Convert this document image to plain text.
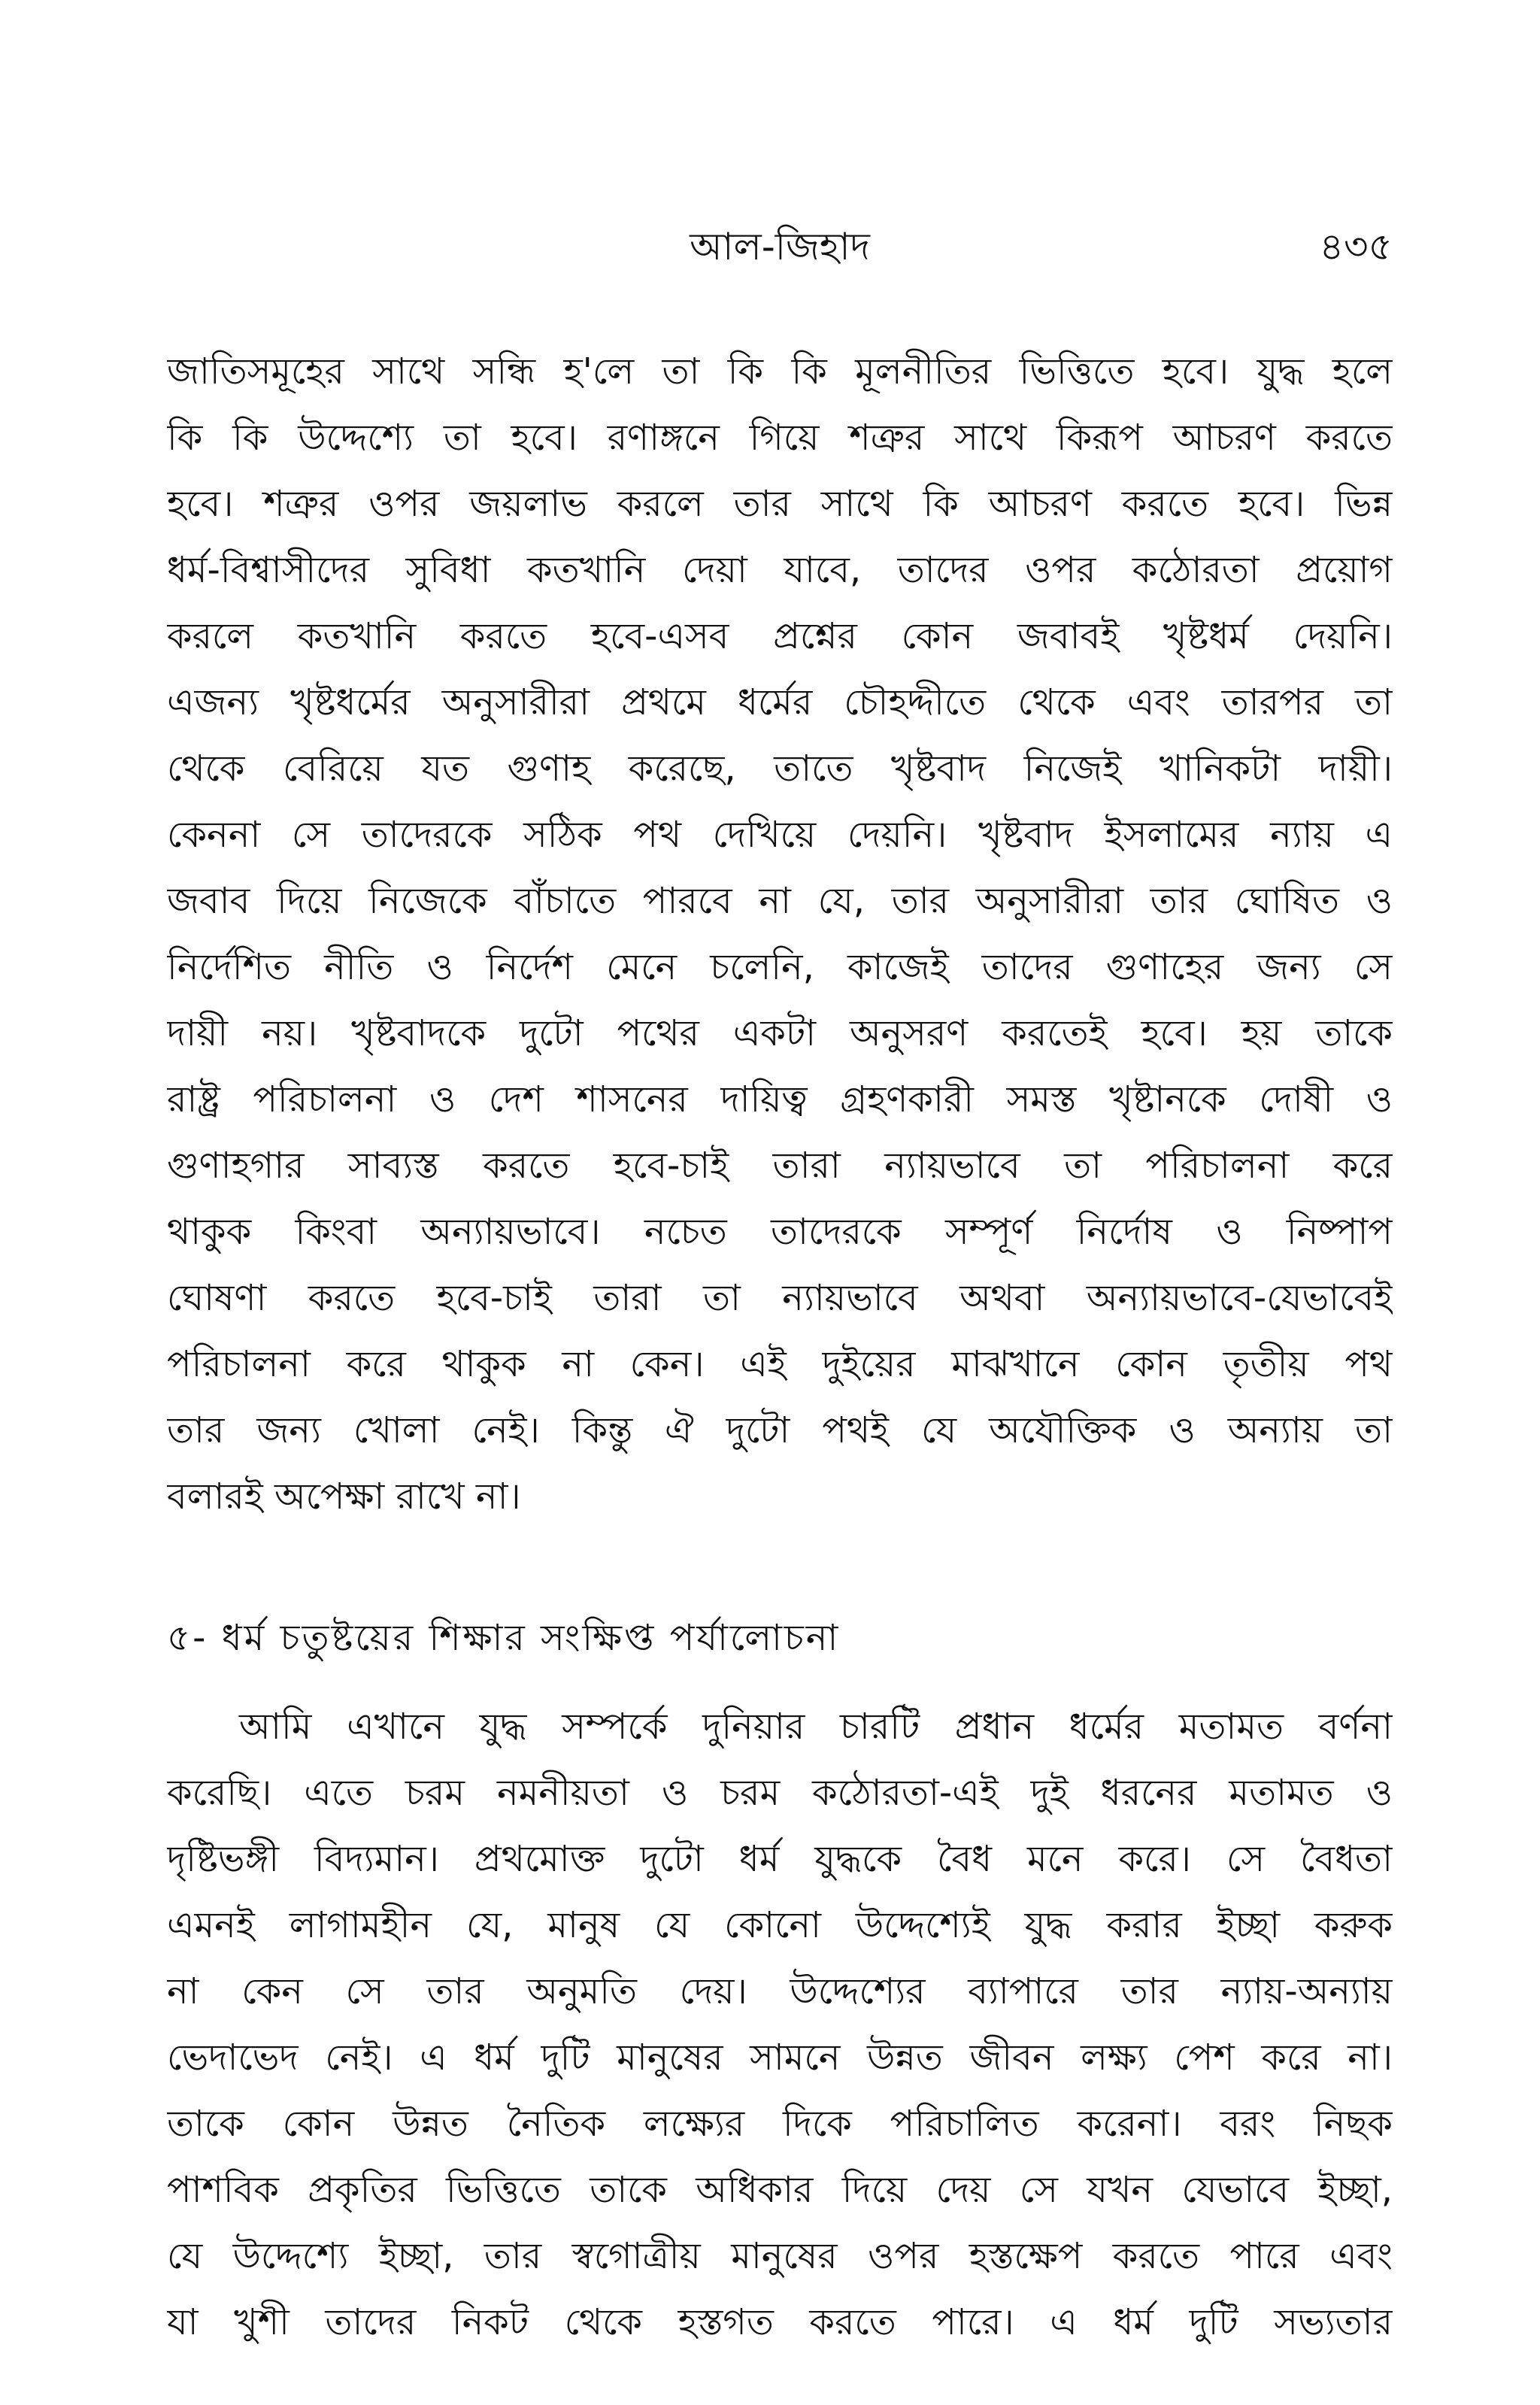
আল-জিহাদ	৪৩৫
জাতিসমূহের সাথে সন্ধি হ'লে তা কি কি মূলনীতির ভিত্তিতে হবে। যুদ্ধ হলে
কি কি উদ্দেশ্যে তা হবে। রণাঙ্গনে গিয়ে শত্রুর সাথে কিরূপ আচরণ করতে
হবে। শত্রুর ওপর জয়লাভ করলে তার সাথে কি আচরণ করতে হবে। ভিন্ন
ধর্ম-বিশ্বাসীদের সুবিধা কতখানি দেয়া যাবে, তাদের ওপর কঠোরতা প্রয়োগ
করলে কতখানি করতে হবে-এসব প্রশ্নের কোন জবাবই খৃষ্টধর্ম দেয়নি।
এজন্য খৃষ্টধর্মের অনুসারীরা প্রথমে ধর্মের চৌহদ্দীতে থেকে এবং তারপর তা
থেকে বেরিয়ে যত গুণাহ করেছে, তাতে খৃষ্টবাদ নিজেই খানিকটা দায়ী।
কেননা সে তাদেরকে সঠিক পথ দেখিয়ে দেয়নি। খৃষ্টবাদ ইসলামের ন্যায় এ
জবাব দিয়ে নিজেকে বাঁচাতে পারবে না যে, তার অনুসারীরা তার ঘোষিত ও
নির্দেশিত নীতি ও নির্দেশ মেনে চলেনি, কাজেই তাদের গুণাহের জন্য সে
দায়ী নয়। খৃষ্টবাদকে দুটো পথের একটা অনুসরণ করতেই হবে। হয় তাকে
রাষ্ট্র পরিচালনা ও দেশ শাসনের দায়িত্ব গ্রহণকারী সমস্ত খৃষ্টানকে দোষী ও
গুণাহগার সাব্যস্ত করতে হবে-চাই তারা ন্যায়ভাবে তা পরিচালনা করে
থাকুক কিংবা অন্যায়ভাবে। নচেত তাদেরকে সম্পূর্ণ নির্দোষ ও নিষ্পাপ
ঘোষণা করতে হবে-চাই তারা তা ন্যায়ভাবে অথবা অন্যায়ভাবে-যেভাবেই
পরিচালনা করে থাকুক না কেন। এই দুইয়ের মাঝখানে কোন তৃতীয় পথ
তার জন্য খোলা নেই। কিন্তু ঐ দুটো পথই যে অযৌক্তিক ও অন্যায় তা
বলারই অপেক্ষা রাখে না।
৫- ধর্ম চতুষ্টয়ের শিক্ষার সংক্ষিপ্ত পর্যালোচনা
আমি এখানে যুদ্ধ সম্পর্কে দুনিয়ার চারটি প্রধান ধর্মের মতামত বর্ণনা
করেছি। এতে চরম নমনীয়তা ও চরম কঠোরতা-এই দুই ধরনের মতামত ও
দৃষ্টিভঙ্গী বিদ্যমান। প্রথমোক্ত দুটো ধর্ম যুদ্ধকে বৈধ মনে করে। সে বৈধতা
এমনই লাগামহীন যে, মানুষ যে কোনো উদ্দেশ্যেই যুদ্ধ করার ইচ্ছা করুক
না কেন সে তার অনুমতি দেয়। উদ্দেশ্যের ব্যাপারে তার ন্যায়-অন্যায়
ভেদাভেদ নেই। এ ধর্ম দুটি মানুষের সামনে উন্নত জীবন লক্ষ্য পেশ করে না।
তাকে কোন উন্নত নৈতিক লক্ষ্যের দিকে পরিচালিত করেনা। বরং নিছক
পাশবিক প্রকৃতির ভিত্তিতে তাকে অধিকার দিয়ে দেয় সে যখন যেভাবে ইচ্ছা,
যে উদ্দেশ্যে ইচ্ছা, তার স্বগোত্রীয় মানুষের ওপর হস্তক্ষেপ করতে পারে এবং
যা খুশী তাদের নিকট থেকে হস্তগত করতে পারে। এ ধর্ম দুটি সভ্যতার
